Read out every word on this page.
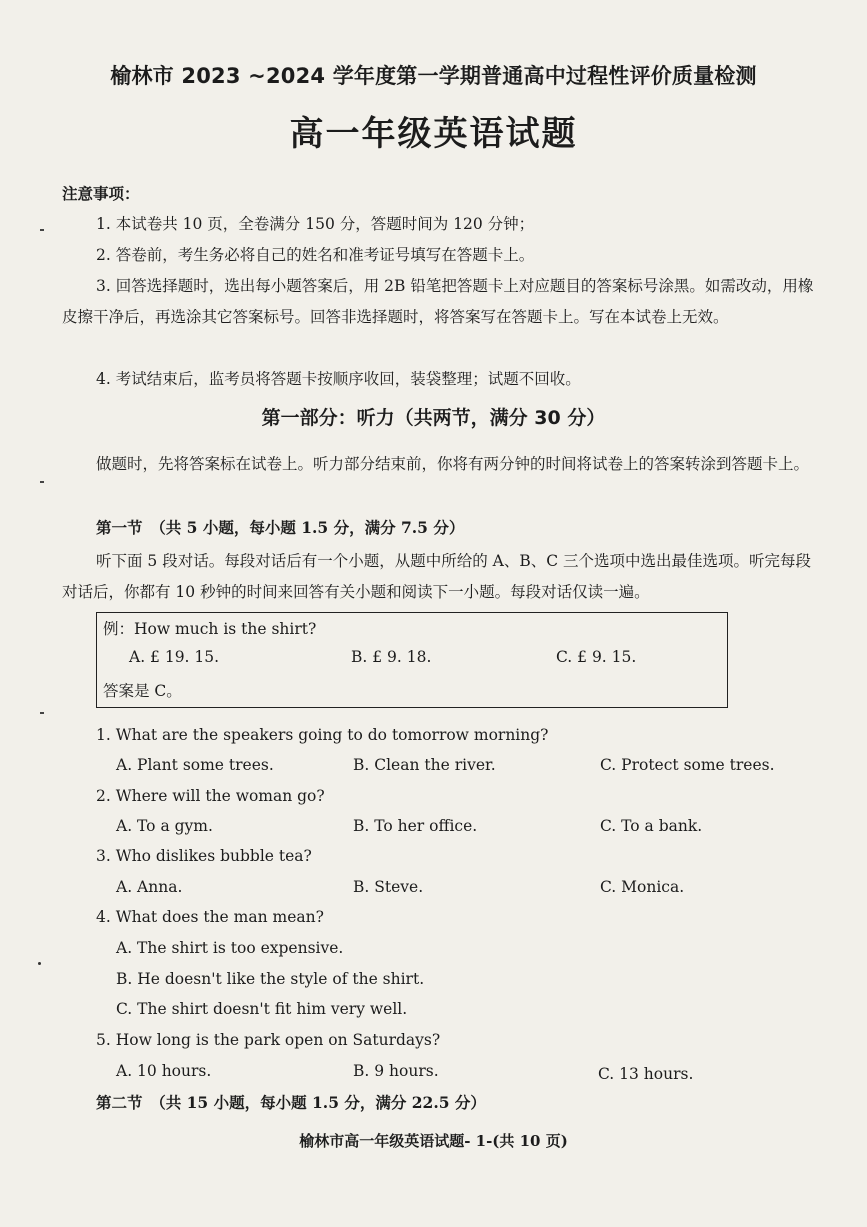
榆林市 2023 ~2024 学年度第一学期普通高中过程性评价质量检测
高一年级英语试题
注意事项：
1. 本试卷共 10 页，全卷满分 150 分，答题时间为 120 分钟；
2. 答卷前，考生务必将自己的姓名和准考证号填写在答题卡上。
3. 回答选择题时，选出每小题答案后，用 2B 铅笔把答题卡上对应题目的答案标号涂黑。如需改动，用橡皮擦干净后，再选涂其它答案标号。回答非选择题时，将答案写在答题卡上。写在本试卷上无效。
4. 考试结束后，监考员将答题卡按顺序收回，装袋整理；试题不回收。
第一部分：听力（共两节，满分 30 分）
做题时，先将答案标在试卷上。听力部分结束前，你将有两分钟的时间将试卷上的答案转涂到答题卡上。
第一节　（共 5 小题，每小题 1.5 分，满分 7.5 分）
听下面 5 段对话。每段对话后有一个小题，从题中所给的 A、B、C 三个选项中选出最佳选项。听完每段对话后，你都有 10 秒钟的时间来回答有关小题和阅读下一小题。每段对话仅读一遍。
例：How much is the shirt?
A. £ 19. 15.	B. £ 9. 18.	C. £ 9. 15.
答案是 C。
1. What are the speakers going to do tomorrow morning?
A. Plant some trees.	B. Clean the river.	C. Protect some trees.
2. Where will the woman go?
A. To a gym.	B. To her office.	C. To a bank.
3. Who dislikes bubble tea?
A. Anna.	B. Steve.	C. Monica.
4. What does the man mean?
A. The shirt is too expensive.
B. He doesn't like the style of the shirt.
C. The shirt doesn't fit him very well.
5. How long is the park open on Saturdays?
A. 10 hours.	B. 9 hours.	C. 13 hours.
第二节　（共 15 小题，每小题 1.5 分，满分 22.5 分）
榆林市高一年级英语试题- 1-(共 10 页)
